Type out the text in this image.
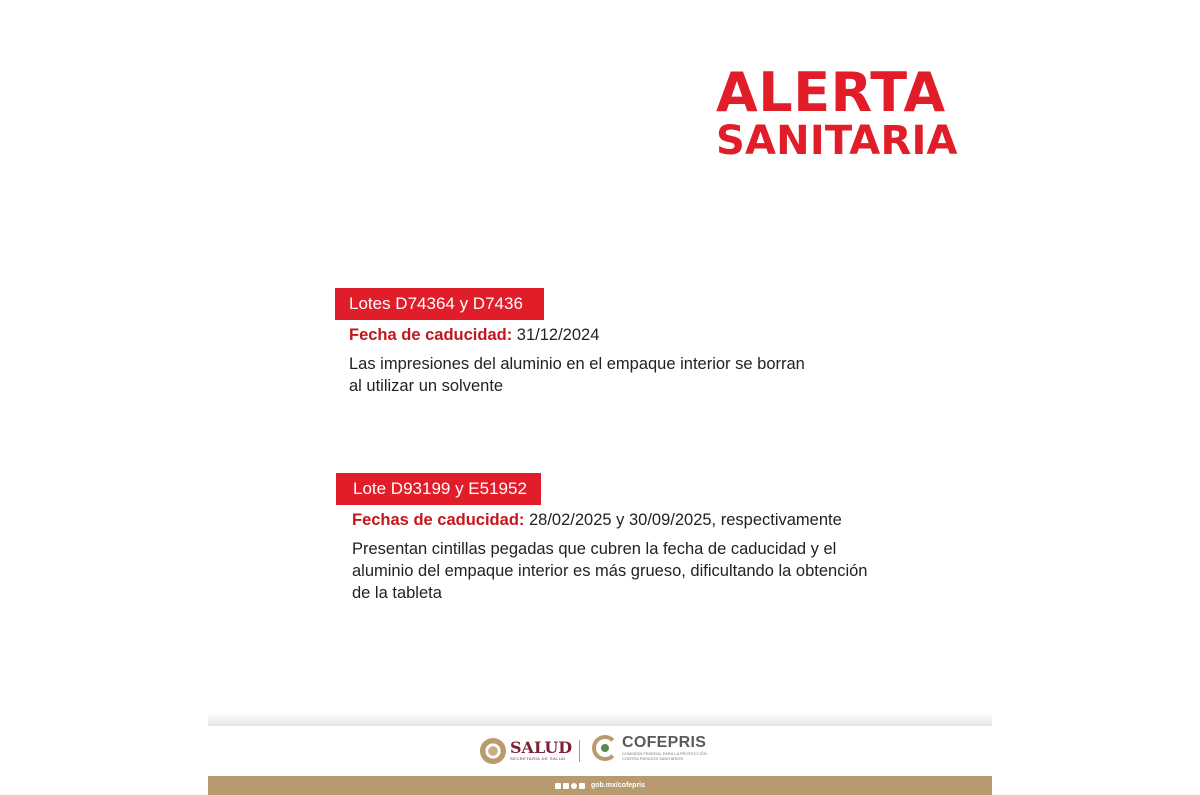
ALERTA
SANITARIA
Lotes D74364 y D7436
Fecha de caducidad: 31/12/2024
Las impresiones del aluminio en el empaque interior se borran al utilizar un solvente
Lote D93199 y E51952
Fechas de caducidad: 28/02/2025 y 30/09/2025, respectivamente
Presentan cintillas pegadas que cubren la fecha de caducidad y el aluminio del empaque interior es más grueso, dificultando la obtención de la tableta
SALUD
SECRETARÍA DE SALUD
COFEPRIS
COMISIÓN FEDERAL PARA LA PROTECCIÓN CONTRA RIESGOS SANITARIOS
gob.mx/cofepris
